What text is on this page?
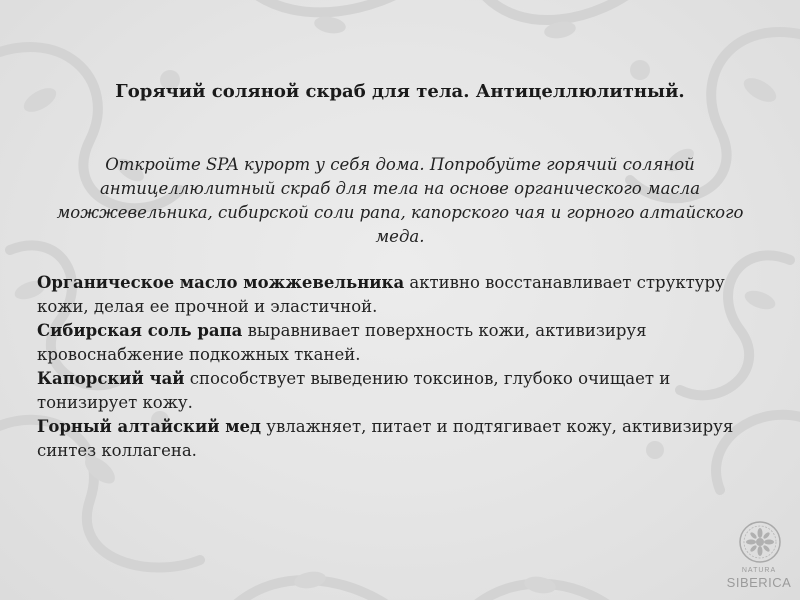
Горячий соляной скраб для тела. Антицеллюлитный.

Откройте SPA курорт у себя дома. Попробуйте горячий соляной антицеллюлитный скраб для тела на основе органического масла можжевельника, сибирской соли рапа, капорского чая и горного алтайского меда.

Органическое масло можжевельника активно восстанавливает структуру кожи, делая ее прочной и эластичной.
Сибирская соль рапа выравнивает поверхность кожи, активизируя кровоснабжение подкожных тканей.
Капорский чай способствует выведению токсинов, глубоко очищает и тонизирует кожу.
Горный алтайский мед увлажняет, питает и подтягивает кожу, активизируя синтез коллагена.
NATURA
SIBERICA
